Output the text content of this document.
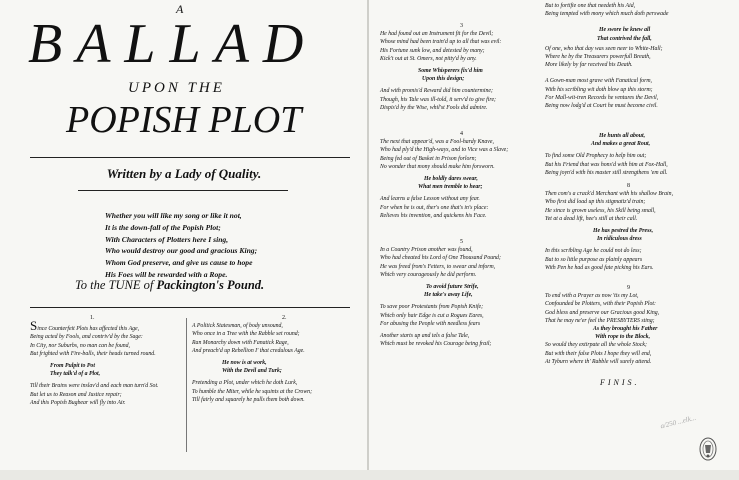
A
BALLAD
UPON THE
POPISH PLOT
Written by a Lady of Quality.
Whether you will like my song or like it not,
It is the down-fall of the Popish Plot;
With Characters of Plotters here I sing,
Who would destroy our good and gracious King;
Whom God preserve, and give us cause to hope
His Foes will be rewarded with a Rope.
To the TUNE of Packington's Pound.
1.
Since Counterfeit Plots has affected this Age,
Being acted by Fools, and contriv'd by the Sage:
In City, nor Suburbs, no man can be found,
But frighted with Fire-balls, their heads turned round.
From Pulpit to Pot
They talk'd of a Plot,
Till their Brains were inslav'd and each man turn'd Sot.
But let us to Reason and Justice repair;
And this Popish Bugbear will fly into Air.
2.
A Politick Statesman, of body unsound,
Who once in a Tree with the Rabble set round;
Ran Monarchy down with Fanatick Rage,
And preach'd up Rebellion I' that credulous Age.
He now is at work,
With the Devil and Turk;
Pretending a Plot, under which he doth Lurk,
To humble the Miter, while he squints at the Crown;
Till fairly and squarely he pulls them both down.
3
He had found out an Instrument fit for the Devil;
Whose mind had been train'd up to all that was evil:
His Fortune sunk low, and detested by many;
Kick't out at St. Omers, not pitty'd by any.
Some Whisperers fix'd him
Upon this design;
And with promis'd Reward did him countermine;
Though, his Tale was ill-told, it serv'd to give fire;
Dispis'd by the Wise, whil'st Fools did admire.
4
The next that appear'd, was a Fool-hardy Knave,
Who had ply'd the High-ways, and to Vice was a Slave;
Being fed out of Basket in Prison forlorn;
No wonder that mony should make him forsworn.
He boldly dares swear,
What men tremble to hear;
And learns a false Lesson without any fear.
For when he is out, ther's one that's in's place:
Relieves his invention, and quickens his Face.
5
In a Country Prison another was found,
Who had cheated his Lord of One Thousand Pound;
He was freed from's Fetters, to swear and inform,
Which very courageously he did perform.
To avoid future Strife,
He take's away Life,
To save poor Protestants from Popish Knife;
Which only hair Edge is cut a Rogues Eares,
For abusing the People with needless fears
Another starts up and tels a false Tale,
Which must be revoked his Courage being frail;
But to fortifie one that needeth his Aid,
Being tempted with mony which much doth perswade
He swore he knew all
That contrived the fall,
Of one, who that day was seen neer to White-Hall;
Where he by the Treasurers powerfull Breath,
More likely by far received his Death.
A Gown-man most grave with Fanatical form,
With his scribling wit doth blow up this storm;
For Mall-wit-tren Records he ventures the Devil,
Being now lodg'd at Court he must become civil.
He hunts all about,
And makes a great Rout,
To find some Old Prophecy to help him out;
But his Friend that was hons'd with him at Fox-Hall,
Being joyn'd with his master still strengthens 'em all.
8
Then com's a crack'd Merchant with his shallow Brain,
Who first did load up this stigmatiz'd train;
He since is grown useless, his Skill being small,
Yet at a dead lift, hee's still at their call.
He has pestred the Press,
In ridiculous dress
In this scribling Age he could not do less;
But to so little purpose as plainly appears
With Pen he had as good fate picking his Ears.
9
To end with a Prayer as now 'tis my Lot,
Confounded be Plotters, with their Popish Plot:
God bless and preserve our Gracious good King,
That he may ne'er feel the PRESBYTERS sting;
As they brought his Father
With rope to the Block,
So would they extirpate all the whole Stock;
But with their false Plots I hope they will end,
At Tyburn where th' Rabble will surely attend.
FINIS.
a/250 ...elk...
